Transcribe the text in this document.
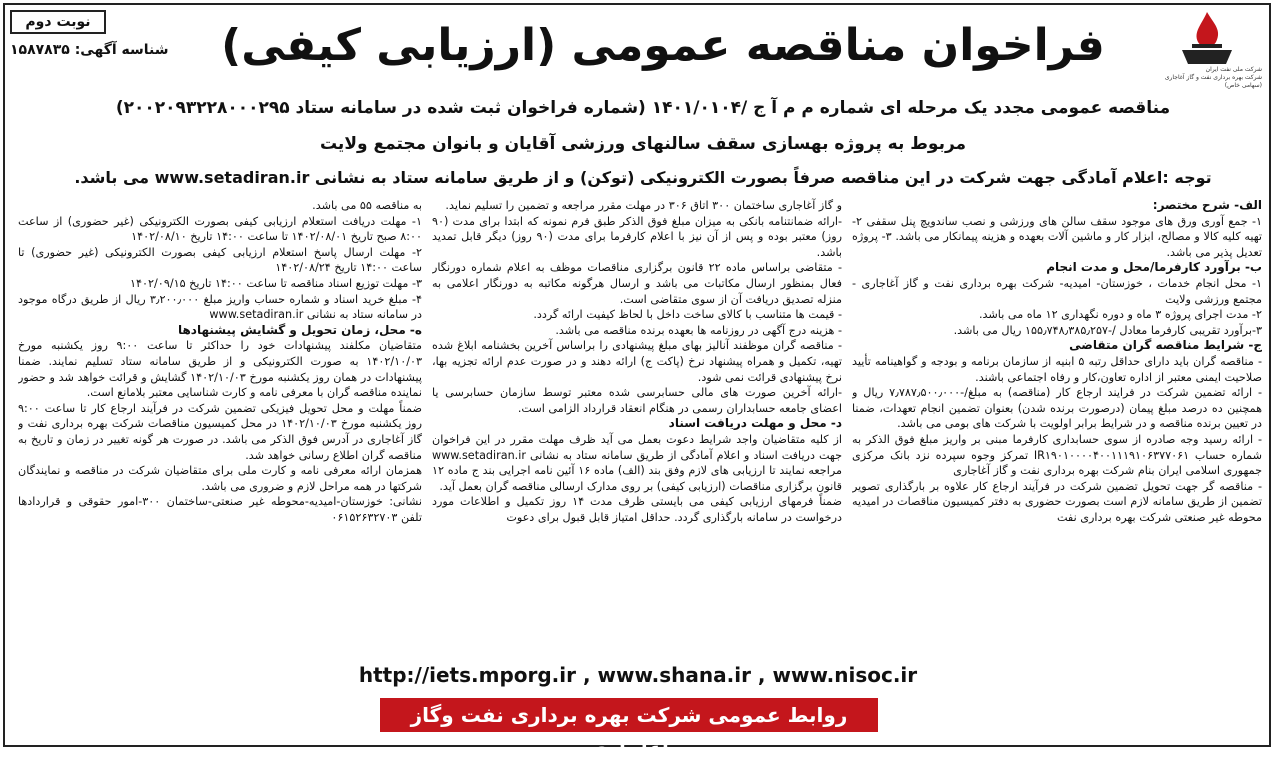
شرکت ملی نفت ایران
شرکت بهره برداری نفت و گاز آغاجاری (سهامی خاص)
نوبت دوم
شناسه آگهی: ۱۵۸۷۸۳۵	فراخوان مناقصه عمومی (ارزیابی کیفی)
مناقصه عمومی مجدد یک مرحله ای شماره م م آ ج /۱۴۰۱/۰۱۰۴ (شماره فراخوان ثبت شده در سامانه ستاد ۲۰۰۲۰۹۳۲۲۸۰۰۰۲۹۵)
مربوط به پروژه بهسازی سقف سالنهای ورزشی آقایان و بانوان مجتمع ولایت
توجه :اعلام آمادگی جهت شرکت در این مناقصه صرفاً بصورت الکترونیکی (توکن) و از طریق سامانه ستاد به نشانی www.setadiran.ir می باشد.

الف- شرح مختصر:

۱- جمع آوری ورق های موجود سقف سالن های ورزشی و نصب ساندویچ پنل سقفی ۲- تهیه کلیه کالا و مصالح، ابزار کار و ماشین آلات بعهده و هزینه پیمانکار می باشد. ۳- پروژه تعدیل پذیر می باشد.

ب- برآورد کارفرما/محل و مدت انجام

۱- محل انجام خدمات ، خوزستان- امیدیه- شرکت بهره برداری نفت و گاز آغاجاری - مجتمع ورزشی ولایت

۲- مدت اجرای پروژه ۳ ماه و دوره نگهداری ۱۲ ماه می باشد.

۳-برآورد تقریبی کارفرما معادل /-۱۵۵٫۷۴۸٫۳۸۵٫۲۵۷ ریال می باشد.

ج- شرایط مناقصه گران متقاضی

- مناقصه گران باید دارای حداقل رتبه ۵ ابنیه از سازمان برنامه و بودجه و گواهینامه تأیید صلاحیت ایمنی معتبر از اداره تعاون،کار و رفاه اجتماعی باشند.

- ارائه تضمین شرکت در فرایند ارجاع کار (مناقصه) به مبلغ/-۷٫۷۸۷٫۵۰۰٫۰۰۰ ریال و همچنین ده درصد مبلغ پیمان (درصورت برنده شدن) بعنوان تضمین انجام تعهدات، ضمنا در تعیین برنده مناقصه و در شرایط برابر اولویت با شرکت های بومی می باشد.

- ارائه رسید وجه صادره از سوی حسابداری کارفرما مبنی بر واریز مبلغ فوق الذکر به شماره حساب IR۱۹۰۱۰۰۰۰۴۰۰۱۱۱۹۱۰۶۳۷۷۰۶۱ تمرکز وجوه سپرده نزد بانک مرکزی جمهوری اسلامی ایران بنام شرکت بهره برداری نفت و گاز آغاجاری

- مناقصه گر جهت تحویل تضمین شرکت در فرآیند ارجاع کار علاوه بر بارگذاری تصویر تضمین از طریق سامانه لازم است بصورت حضوری به دفتر کمیسیون مناقصات در امیدیه محوطه غیر صنعتی شرکت بهره برداری نفت

و گاز آغاجاری ساختمان ۳۰۰ اتاق ۳۰۶ در مهلت مقرر مراجعه و تضمین را تسلیم نماید.

-ارائه ضمانتنامه بانکی به میزان مبلغ فوق الذکر طبق فرم نمونه که ابتدا برای مدت (۹۰ روز) معتبر بوده و پس از آن نیز با اعلام کارفرما برای مدت (۹۰ روز) دیگر قابل تمدید باشد.

- متقاضی براساس ماده ۲۲ قانون برگزاری مناقصات موظف به اعلام شماره دورنگار فعال بمنظور ارسال مکاتبات می باشد و ارسال هرگونه مکاتبه به دورنگار اعلامی به منزله تصدیق دریافت آن از سوی متقاضی است.

- قیمت ها متناسب با کالای ساخت داخل با لحاظ کیفیت ارائه گردد.

- هزینه درج آگهی در روزنامه ها بعهده برنده مناقصه می باشد.

- مناقصه گران موظفند آنالیز بهای مبلغ پیشنهادی را براساس آخرین بخشنامه ابلاغ شده تهیه، تکمیل و همراه پیشنهاد نرخ (پاکت ج) ارائه دهند و در صورت عدم ارائه تجزیه بها، نرخ پیشنهادی قرائت نمی شود.

-ارائه آخرین صورت های مالی حسابرسی شده معتبر توسط سازمان حسابرسی یا اعضای جامعه حسابداران رسمی در هنگام انعقاد قرارداد الزامی است.

د- محل و مهلت دریافت اسناد

از کلیه متقاضیان واجد شرایط دعوت بعمل می آید ظرف مهلت مقرر در این فراخوان جهت دریافت اسناد و اعلام آمادگی از طریق سامانه ستاد به نشانی www.setadiran.ir مراجعه نمایند تا ارزیابی های لازم وفق بند (الف) ماده ۱۶ آئین نامه اجرایی بند ج ماده ۱۲ قانون برگزاری مناقصات (ارزیابی کیفی) بر روی مدارک ارسالی مناقصه گران بعمل آید.

ضمناً فرمهای ارزیابی کیفی می بایستی ظرف مدت ۱۴ روز تکمیل و اطلاعات مورد درخواست در سامانه بارگذاری گردد. حداقل امتیاز قابل قبول برای دعوت

به مناقصه ۵۵ می باشد.

۱- مهلت دریافت استعلام ارزیابی کیفی بصورت الکترونیکی (غیر حضوری) از ساعت ۸:۰۰ صبح تاریخ ۱۴۰۲/۰۸/۰۱ تا ساعت ۱۴:۰۰ تاریخ ۱۴۰۲/۰۸/۱۰

۲- مهلت ارسال پاسخ استعلام ارزیابی کیفی بصورت الکترونیکی (غیر حضوری) تا ساعت ۱۴:۰۰ تاریخ ۱۴۰۲/۰۸/۲۴

۳- مهلت توزیع اسناد مناقصه تا ساعت ۱۴:۰۰ تاریخ ۱۴۰۲/۰۹/۱۵

۴- مبلغ خرید اسناد و شماره حساب واریز مبلغ ۳٫۲۰۰٫۰۰۰ ریال از طریق درگاه موجود در سامانه ستاد به نشانی www.setadiran.ir

ه- محل، زمان تحویل و گشایش پیشنهادها

متقاضیان مکلفند پیشنهادات خود را حداکثر تا ساعت ۹:۰۰ روز یکشنبه مورخ ۱۴۰۲/۱۰/۰۳ به صورت الکترونیکی و از طریق سامانه ستاد تسلیم نمایند. ضمنا پیشنهادات در همان روز یکشنبه مورخ ۱۴۰۲/۱۰/۰۳ گشایش و قرائت خواهد شد و حضور نماینده مناقصه گران با معرفی نامه و کارت شناسایی معتبر بلامانع است.

ضمناً مهلت و محل تحویل فیزیکی تضمین شرکت در فرآیند ارجاع کار تا ساعت ۹:۰۰ روز یکشنبه مورخ ۱۴۰۲/۱۰/۰۳ در محل کمیسیون مناقصات شرکت بهره برداری نفت و گاز آغاجاری در آدرس فوق الذکر می باشد. در صورت هر گونه تغییر در زمان و تاریخ به مناقصه گران اطلاع رسانی خواهد شد.

همزمان ارائه معرفی نامه و کارت ملی برای متقاضیان شرکت در مناقصه و نمایندگان شرکتها در همه مراحل لازم و ضروری می باشد.

نشانی: خوزستان-امیدیه-محوطه غیر صنعتی-ساختمان ۳۰۰-امور حقوقی و قراردادها تلفن ۰۶۱۵۲۶۳۲۷۰۳

http://iets.mporg.ir , www.shana.ir , www.nisoc.ir
روابط عمومی شرکت بهره برداری نفت وگاز آغاجاری
